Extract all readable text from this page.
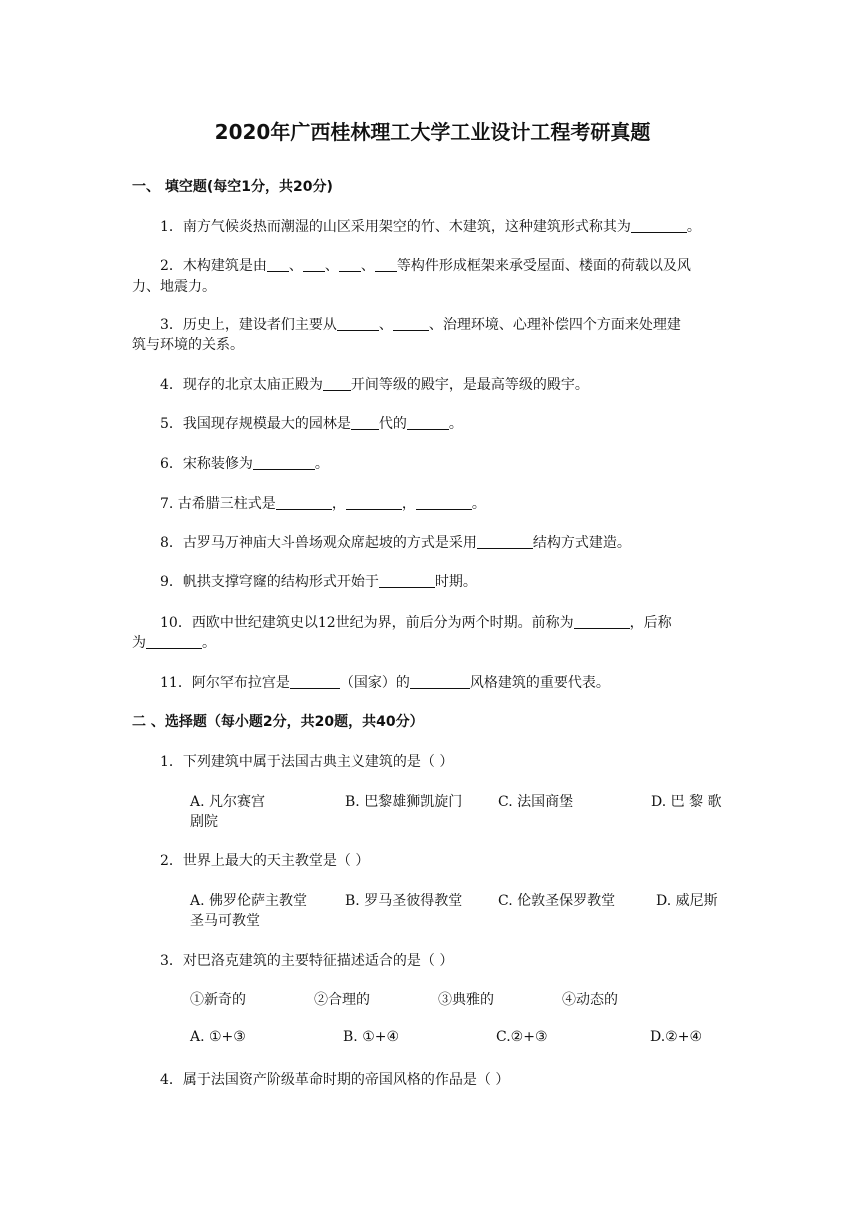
2020年广西桂林理工大学工业设计工程考研真题
一、 填空题(每空1分，共20分)
1．南方气候炎热而潮湿的山区采用架空的竹、木建筑，这种建筑形式称其为	。
2．木构建筑是由 、 、 、 等构件形成框架来承受屋面、楼面的荷载以及风
力、地震力。
3．历史上，建设者们主要从	、	、治理环境、心理补偿四个方面来处理建
筑与环境的关系。
4．现存的北京太庙正殿为 开间等级的殿宇，是最高等级的殿宇。
5．我国现存规模最大的园林是 代的	。
6．宋称装修为	。
7. 古希腊三柱式是	，	，	。
8．古罗马万神庙大斗兽场观众席起坡的方式是采用	结构方式建造。
9．帆拱支撑穹窿的结构形式开始于	时期。
10．西欧中世纪建筑史以12世纪为界，前后分为两个时期。前称为	，后称
为	。
11．阿尔罕布拉宫是	（国家）的	风格建筑的重要代表。
二 、选择题（每小题2分，共20题，共40分）
1．下列建筑中属于法国古典主义建筑的是（ ）
A. 凡尔赛宫	B. 巴黎雄狮凯旋门	C. 法国商堡	D. 巴 黎 歌
剧院
2．世界上最大的天主教堂是（ ）
A. 佛罗伦萨主教堂	B. 罗马圣彼得教堂	C. 伦敦圣保罗教堂	D. 威尼斯
圣马可教堂
3．对巴洛克建筑的主要特征描述适合的是（ ）
①新奇的	②合理的	③典雅的	④动态的
A. ①+③	B. ①+④	C.②+③	D.②+④
4．属于法国资产阶级革命时期的帝国风格的作品是（ ）
